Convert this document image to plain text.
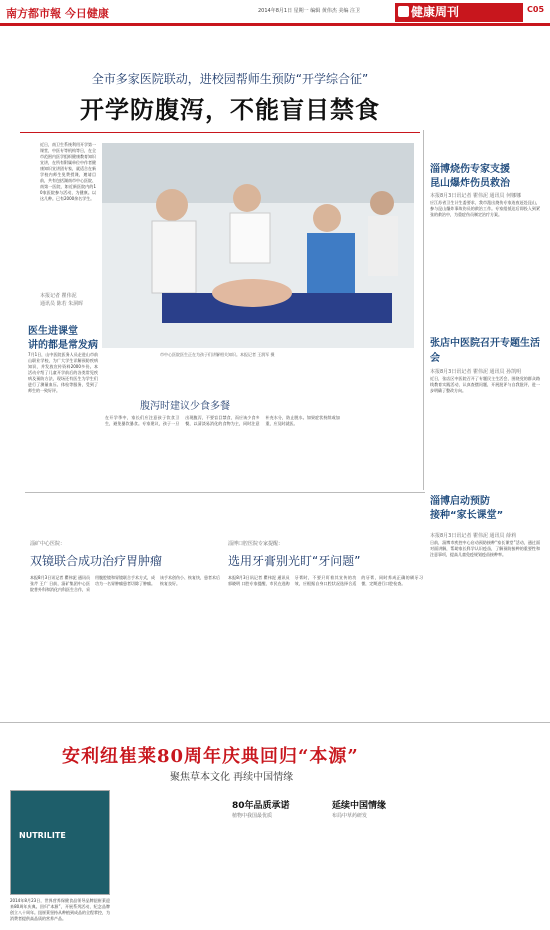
南方都市報 今日健康	2014年8月1日 星期一 编辑 黄伟杰 美编 注卫	健康周刊	C05
全市多家医院联动，进校园帮师生预防“开学综合征”
开学防腹泻，不能盲目禁食
近日，南卫生系统利用开学第一课堂，中医专等机构等日，在全市范围内医学组织健康教育知识宣讲，在所有附属单位中作者健康知识宣讲团专家，就适合在新学校内师生免费授课，邀请目前，共有包括湖南市中心医院、南第一医院，如近新医院内的10家医院参与活动，为健康。以这几种。已有2000余名学生。
本报记者 瞿伟泥
通讯员 陈若 朱洞晖
市中心医院医生正在为孩子们讲解相关知识。本报记者 王润军 摄
医生进课堂
讲的都是常发病
7月1日，山中医院医务人员走进山市前山职业学校，为广大学生详解预防疾病知识，并发放宣传资料2000多份。本活动介绍了儿童开学前后的各类常见疾病及预防方法，现场还有医生为学生们进行了测量血压、体检等服务，受到了师生的一致好评。
腹泻时建议少食多餐
在开学季中，家长们应注意孩子饮食卫生，避免暴饮暴食。专家建议，孩子一旦出现腹泻，不要盲目禁食，而应该少食多餐，以清淡易消化的食物为主，同时注意补充水分，防止脱水。如果症状持续或加重，应及时就医。
淄博烧伤专家支援
昆山爆炸伤员救治
本报8月3日讯记者 瞿伟泥 通讯员 何娜娜
应江苏省卫生计生委要求，我市派出烧伤专家连夜赶赴昆山，参与昆山爆炸事故伤员的救治工作。专家组抵达后即投入到紧张的救治中，为重症伤员制定治疗方案。
张店中医院召开专题生活会
本报8月3日讯记者 瞿伟泥 通讯员 孙凯明
近日，张店区中医院召开了专题民主生活会，围绕党的群众路线教育实践活动，认真查摆问题，开展批评与自我批评，进一步明确了整改方向。
淄博启动预防
接种“家长课堂”
本报8月3日讯记者 瞿伟泥 通讯员 薛莉
日前，淄博市疾控中心启动预防接种“家长课堂”活动，通过面对面讲解，帮助家长科学认识疫苗，了解预防接种的重要性和注意事项，提高儿童免疫规划疫苗接种率。
淄矿中心医院：
双镜联合成功治疗胃肿瘤
本报8月3日讯记者 瞿伟泥 通讯员 张芹 王广 日前，淄矿集团中心医院普外科和消化内科医生合作，采用腹腔镜和胃镜联合手术方式，成功为一名胃肿瘤患者切除了肿瘤。该手术创伤小、恢复快，患者术后恢复良好。
淄博口腔医院专家提醒：
选用牙膏别光盯“牙问题”
本报8月3日讯记者 瞿伟泥 通讯员 郭晓明 口腔专家提醒，市民在选购牙膏时，不要只盯着其宣传的功效，应根据自身口腔状况选择合适的牙膏，同时养成正确的刷牙习惯，定期进行口腔检查。
安利纽崔莱80周年庆典回归“本源”
聚焦草本文化 再续中国情缘
NUTRILITE
2014年8月23日，世界营养保健食品领导品牌纽崔莱迎来80周年庆典。回归“本源”，开展系列活动，纪念品牌创立八十周年。纽崔莱坚持从种植到成品的全程掌控，为消费者提供高品质的营养产品。
80年品质承诺
植物中我国最优质
延续中国情缘
布局中草药研发
